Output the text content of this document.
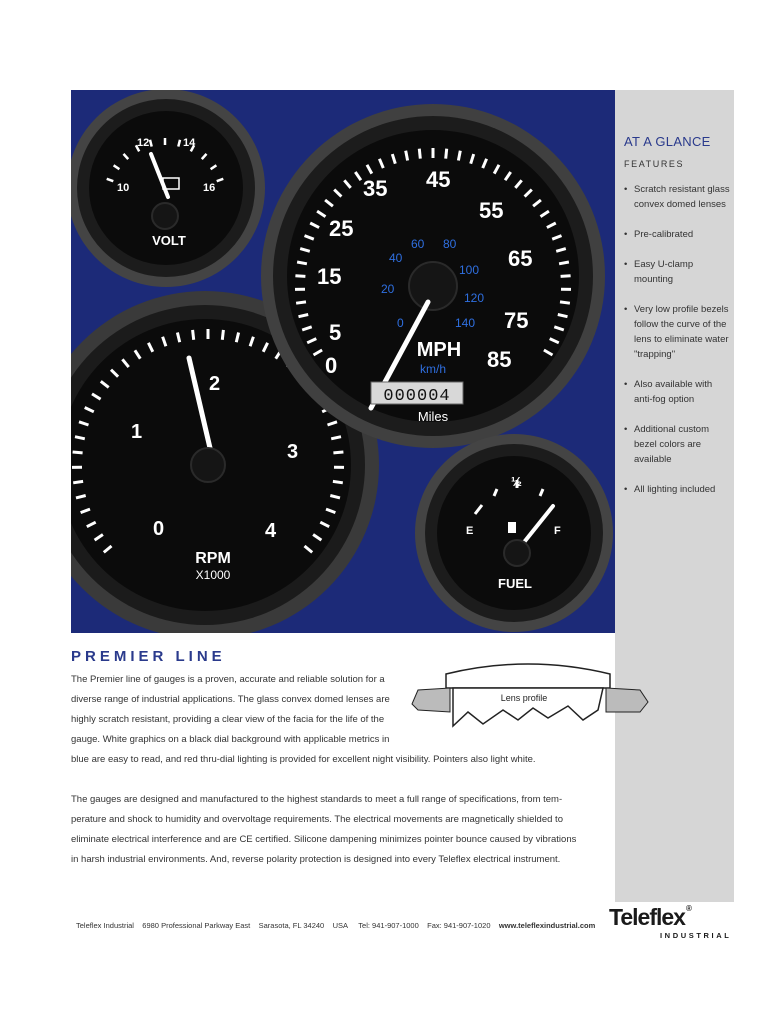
0
1
2
3
4
RPM
X1000
0
5
15
25
35 45
55
65
75
85
0
20
40
60 80
100
120
140
MPH
km/h
000004
Miles
10
12	14
16
VOLT
½
E	F
FUEL
AT A GLANCE
FEATURES
• Scratch resistant glass convex domed lenses
• Pre-calibrated
• Easy U-clamp mounting
• Very low profile bezels follow the curve of the lens to eliminate water "trapping"
• Also available with anti-fog option
• Additional custom bezel colors are available
• All lighting included
PREMIER LINE
The Premier line of gauges is a proven, accurate and reliable solution for a
diverse range of industrial applications. The glass convex domed lenses are
highly scratch resistant, providing a clear view of the facia for the life of the
gauge. White graphics on a black dial background with applicable metrics in
blue are easy to read, and red thru-dial lighting is provided for excellent night visibility. Pointers also light white.
Lens profile
The gauges are designed and manufactured to the highest standards to meet a full range of specifications, from tem-
perature and shock to humidity and overvoltage requirements. The electrical movements are magnetically shielded to
eliminate electrical interference and are CE certified. Silicone dampening minimizes pointer bounce caused by vibrations
in harsh industrial environments. And, reverse polarity protection is designed into every Teleflex electrical instrument.
Teleflex Industrial 6980 Professional Parkway East Sarasota, FL 34240 USA Tel: 941-907-1000 Fax: 941-907-1020 www.teleflexindustrial.com Teleflex®
INDUSTRIAL
